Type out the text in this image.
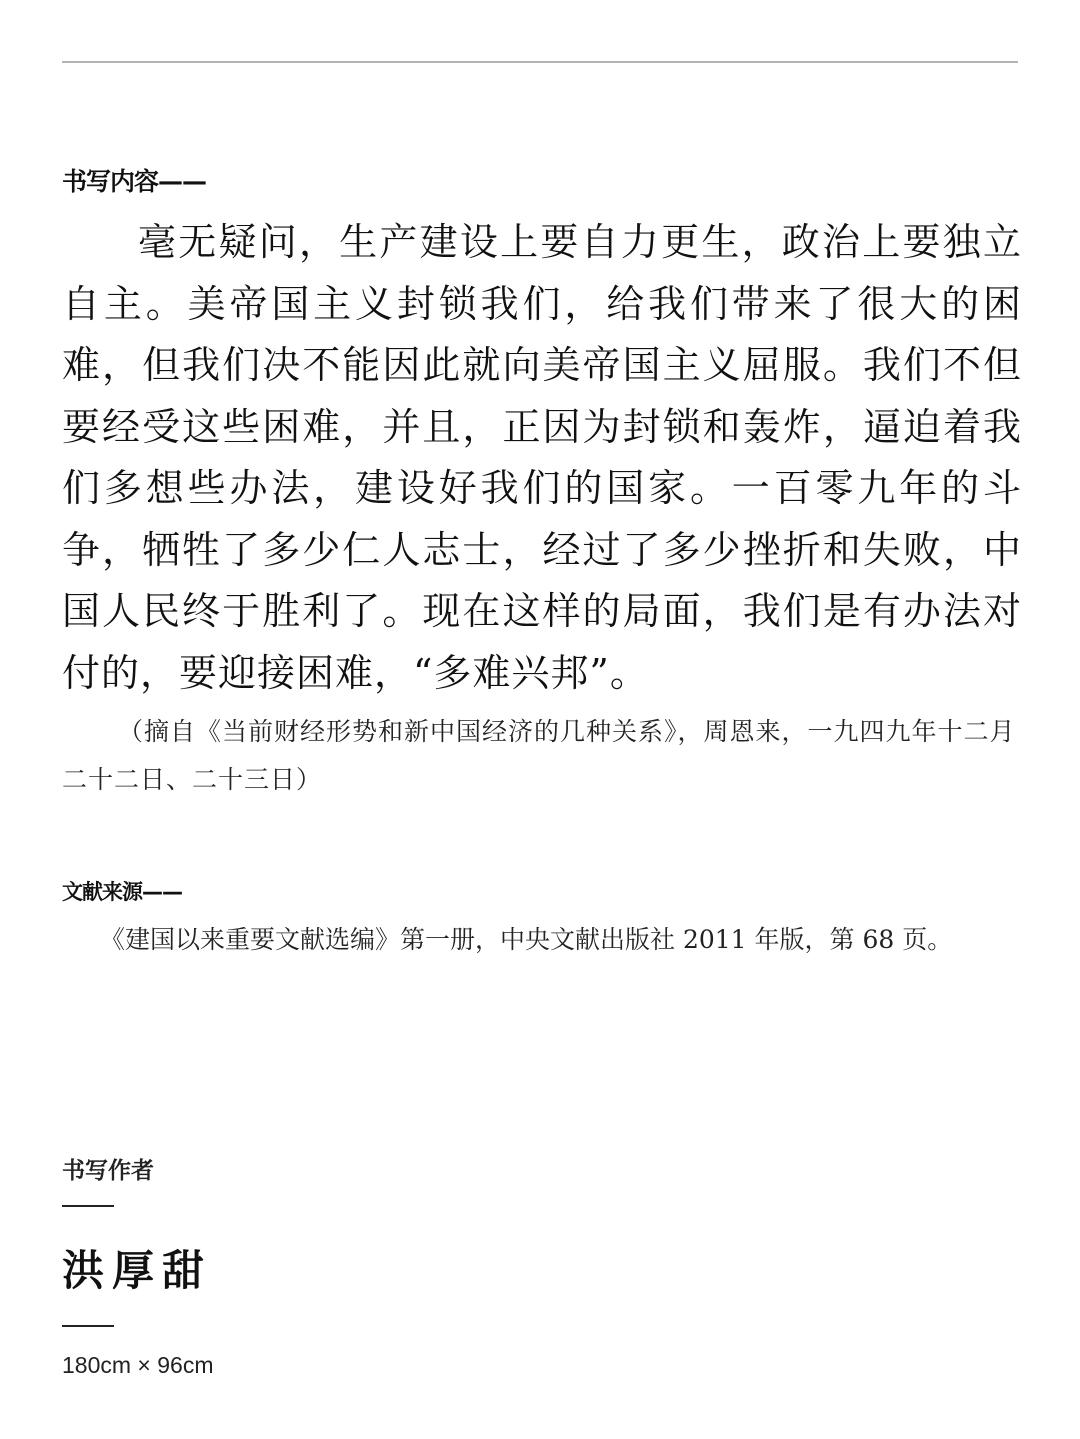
书写内容——

毫无疑问，生产建设上要自力更生，政治上要独立自主。美帝国主义封锁我们，给我们带来了很大的困难，但我们决不能因此就向美帝国主义屈服。我们不但要经受这些困难，并且，正因为封锁和轰炸，逼迫着我们多想些办法，建设好我们的国家。一百零九年的斗争，牺牲了多少仁人志士，经过了多少挫折和失败，中国人民终于胜利了。现在这样的局面，我们是有办法对付的，要迎接困难，“多难兴邦”。

（摘自《当前财经形势和新中国经济的几种关系》，周恩来，一九四九年十二月二十二日、二十三日）

文献来源——

《建国以来重要文献选编》第一册，中央文献出版社 2011 年版，第 68 页。

书写作者
洪厚甜
180cm × 96cm
